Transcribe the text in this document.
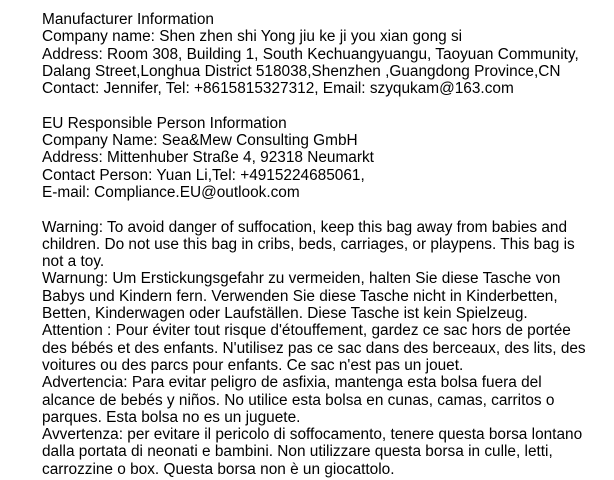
Manufacturer Information

Company name: Shen zhen shi Yong jiu ke ji you xian gong si

Address: Room 308, Building 1, South Kechuangyuangu, Taoyuan Community,

Dalang Street,Longhua District 518038,Shenzhen ,Guangdong Province,CN

Contact: Jennifer, Tel: +8615815327312, Email: szyqukam@163.com

EU Responsible Person Information

Company Name: Sea&Mew Consulting GmbH

Address: Mittenhuber Straße 4, 92318 Neumarkt

Contact Person: Yuan Li,Tel: +4915224685061,

E-mail: Compliance.EU@outlook.com

Warning: To avoid danger of suffocation, keep this bag away from babies and

children. Do not use this bag in cribs, beds, carriages, or playpens. This bag is

not a toy.

Warnung: Um Erstickungsgefahr zu vermeiden, halten Sie diese Tasche von

Babys und Kindern fern. Verwenden Sie diese Tasche nicht in Kinderbetten,

Betten, Kinderwagen oder Laufställen. Diese Tasche ist kein Spielzeug.

Attention : Pour éviter tout risque d'étouffement, gardez ce sac hors de portée

des bébés et des enfants. N'utilisez pas ce sac dans des berceaux, des lits, des

voitures ou des parcs pour enfants. Ce sac n'est pas un jouet.

Advertencia: Para evitar peligro de asfixia, mantenga esta bolsa fuera del

alcance de bebés y niños. No utilice esta bolsa en cunas, camas, carritos o

parques. Esta bolsa no es un juguete.

Avvertenza: per evitare il pericolo di soffocamento, tenere questa borsa lontano

dalla portata di neonati e bambini. Non utilizzare questa borsa in culle, letti,

carrozzine o box. Questa borsa non è un giocattolo.
